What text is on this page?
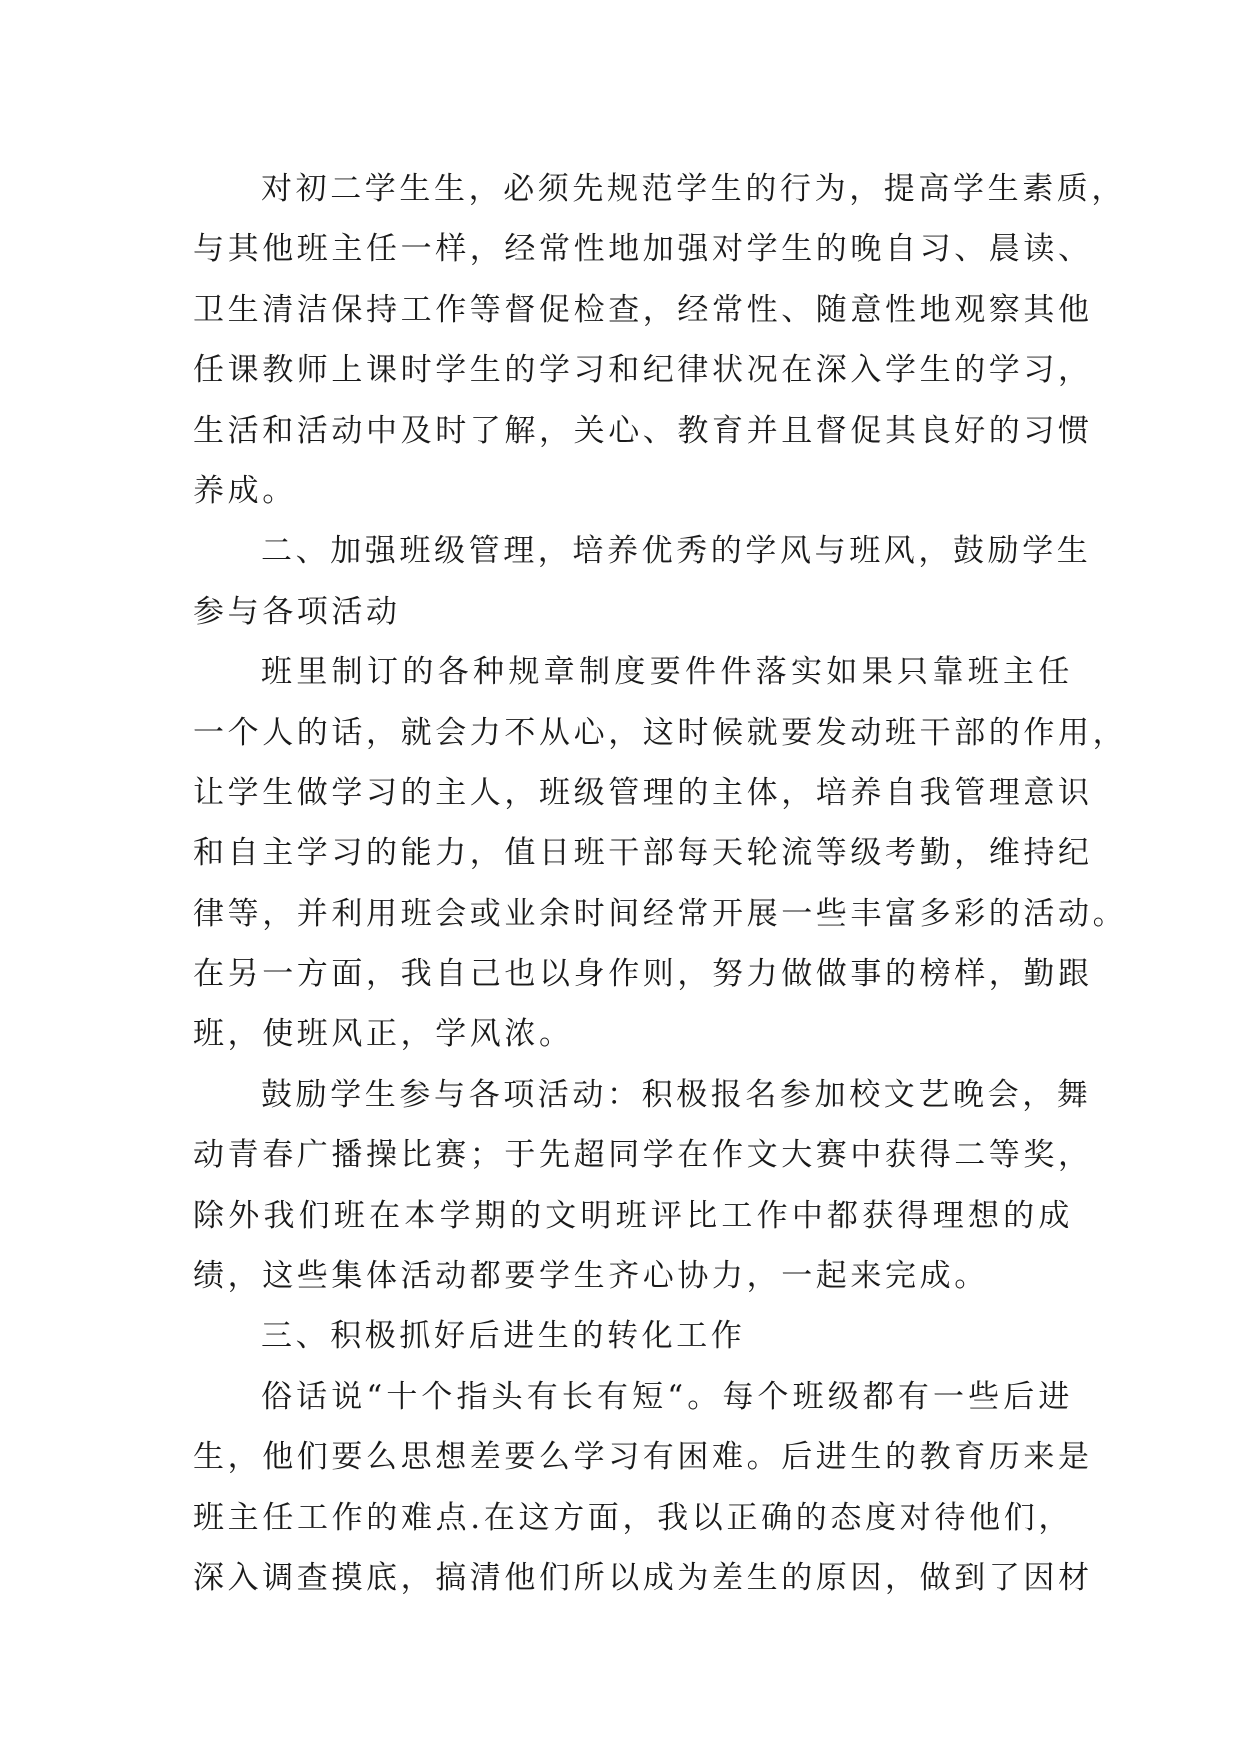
对初二学生生，必须先规范学生的行为，提高学生素质，
与其他班主任一样，经常性地加强对学生的晚自习、晨读、
卫生清洁保持工作等督促检查，经常性、随意性地观察其他
任课教师上课时学生的学习和纪律状况在深入学生的学习，
生活和活动中及时了解，关心、教育并且督促其良好的习惯
养成。
二、加强班级管理，培养优秀的学风与班风，鼓励学生
参与各项活动
班里制订的各种规章制度要件件落实如果只靠班主任
一个人的话，就会力不从心，这时候就要发动班干部的作用，
让学生做学习的主人，班级管理的主体，培养自我管理意识
和自主学习的能力，值日班干部每天轮流等级考勤，维持纪
律等，并利用班会或业余时间经常开展一些丰富多彩的活动。
在另一方面，我自己也以身作则，努力做做事的榜样，勤跟
班，使班风正，学风浓。
鼓励学生参与各项活动：积极报名参加校文艺晚会，舞
动青春广播操比赛；于先超同学在作文大赛中获得二等奖，
除外我们班在本学期的文明班评比工作中都获得理想的成
绩，这些集体活动都要学生齐心协力，一起来完成。
三、积极抓好后进生的转化工作
俗话说“十个指头有长有短“。每个班级都有一些后进
生，他们要么思想差要么学习有困难。后进生的教育历来是
班主任工作的难点.在这方面，我以正确的态度对待他们，
深入调查摸底，搞清他们所以成为差生的原因，做到了因材
